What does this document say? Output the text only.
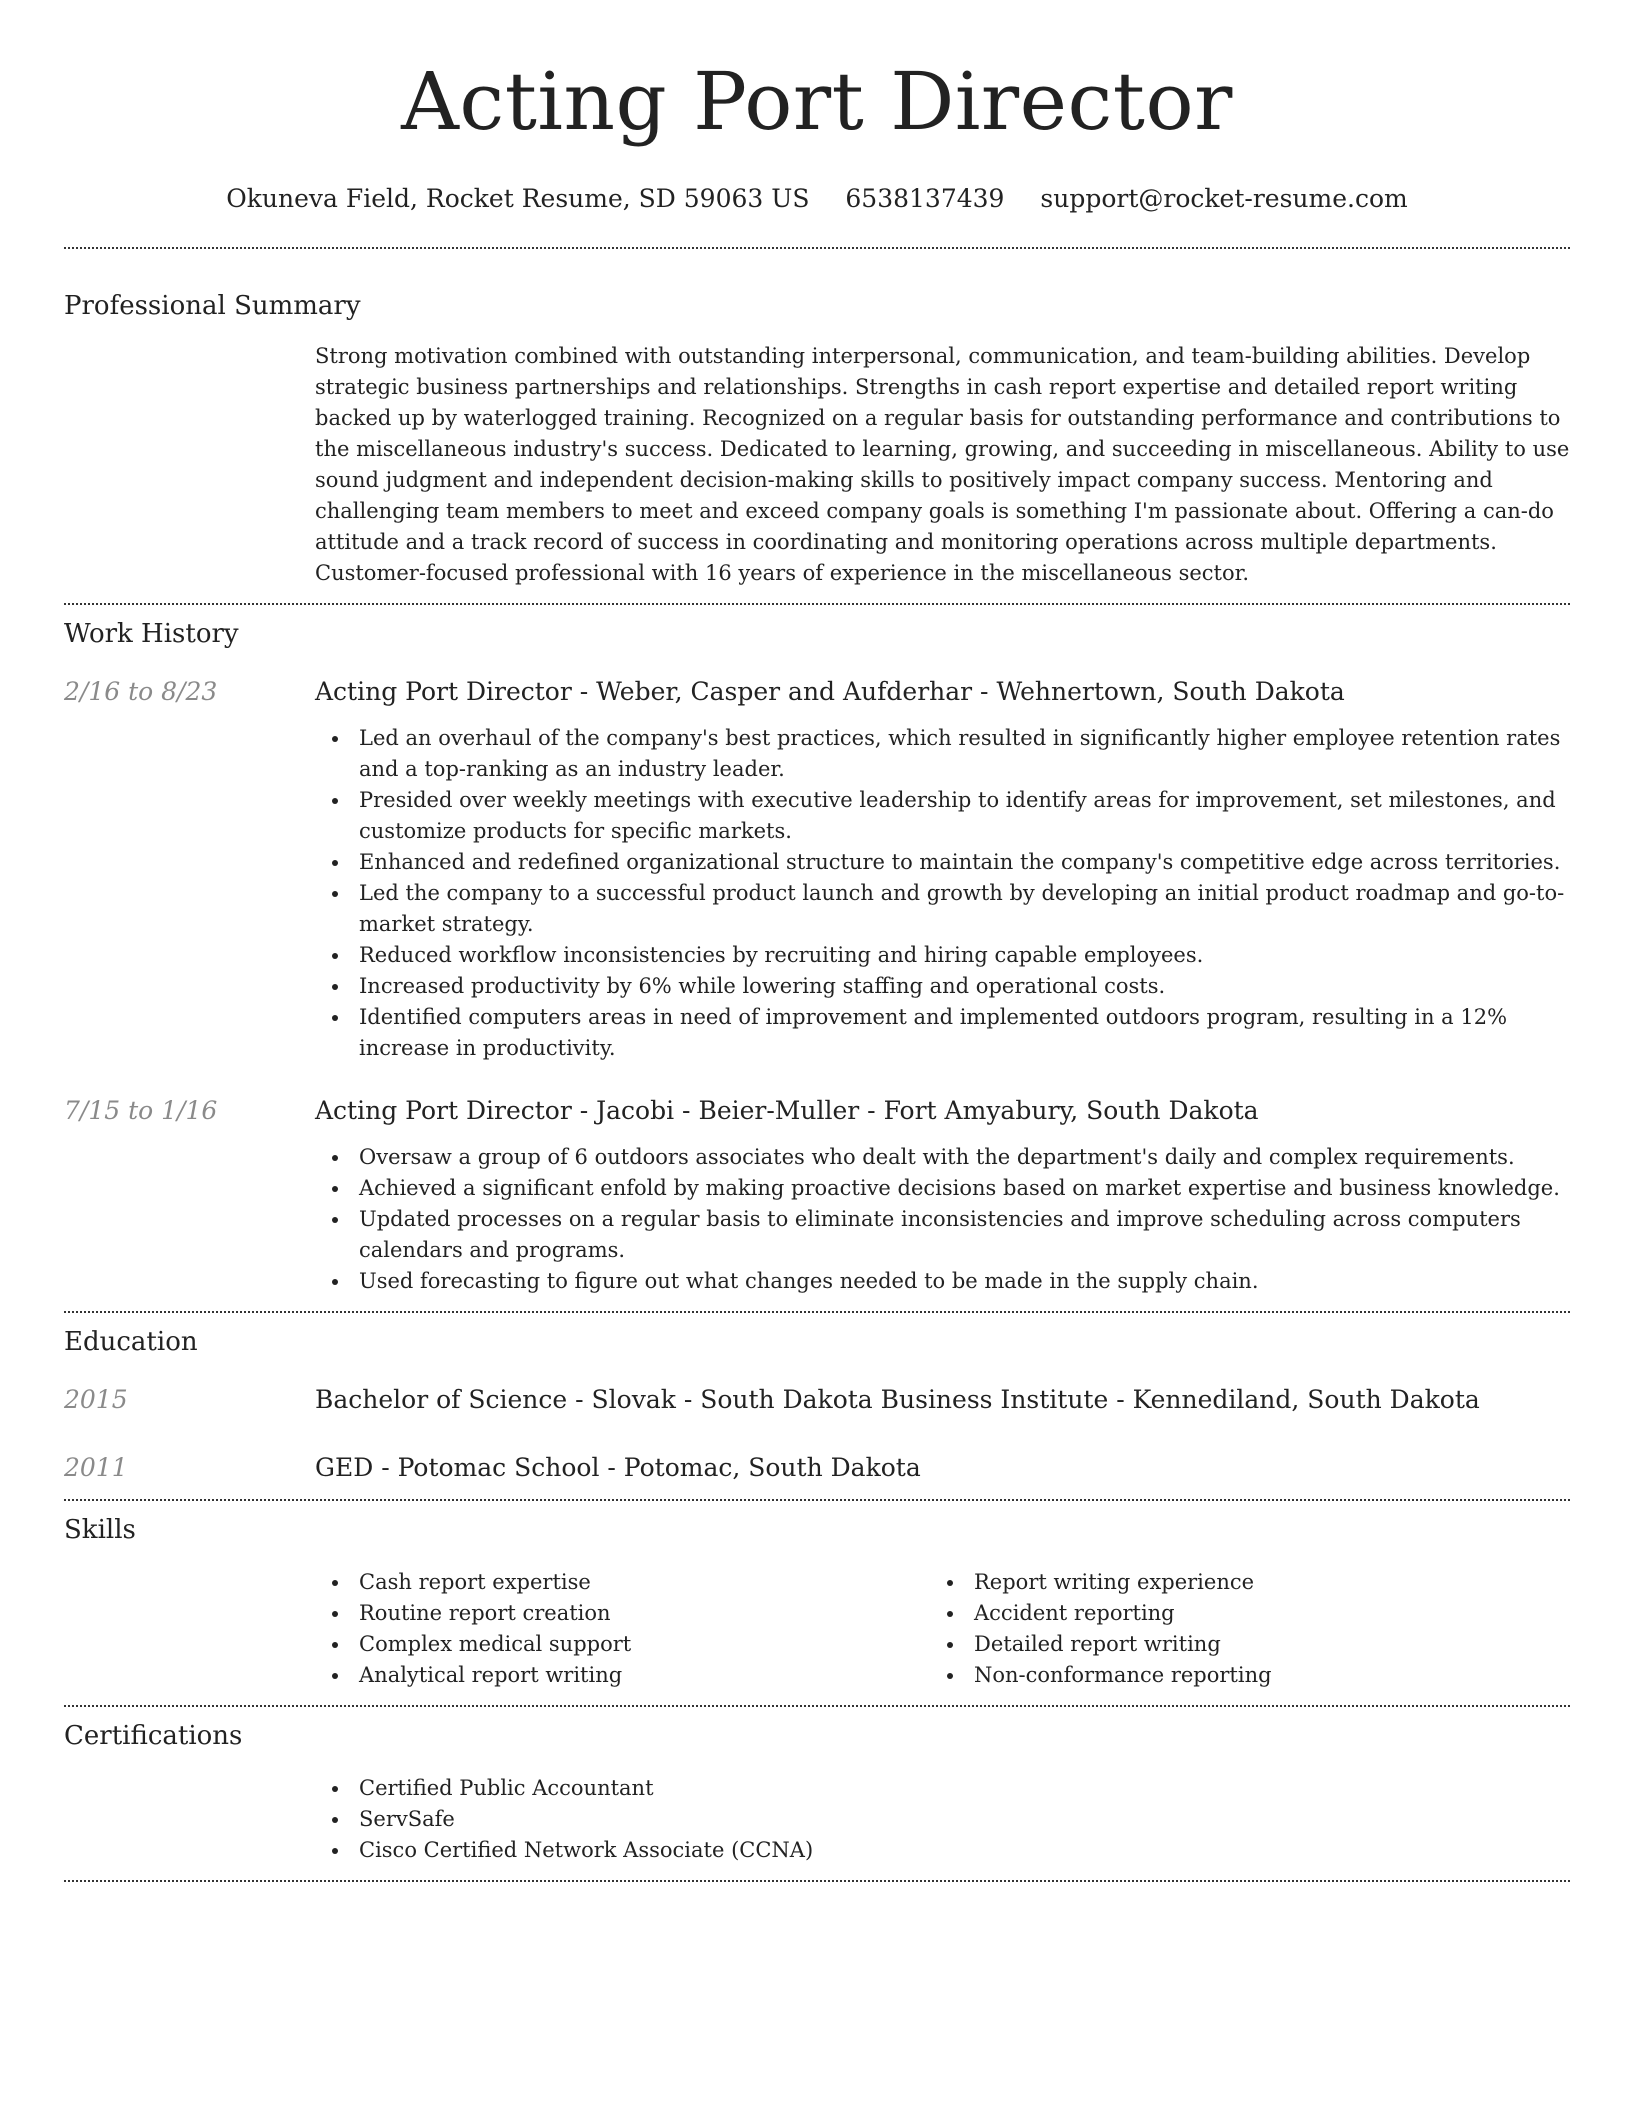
Acting Port Director
Okuneva Field, Rocket Resume, SD 59063 US 6538137439 support@rocket-resume.com
Professional Summary
Strong motivation combined with outstanding interpersonal, communication, and team-building abilities. Develop strategic business partnerships and relationships. Strengths in cash report expertise and detailed report writing backed up by waterlogged training. Recognized on a regular basis for outstanding performance and contributions to the miscellaneous industry's success. Dedicated to learning, growing, and succeeding in miscellaneous. Ability to use sound judgment and independent decision-making skills to positively impact company success. Mentoring and challenging team members to meet and exceed company goals is something I'm passionate about. Offering a can-do attitude and a track record of success in coordinating and monitoring operations across multiple departments. Customer-focused professional with 16 years of experience in the miscellaneous sector.
Work History
2/16 to 8/23	Acting Port Director - Weber, Casper and Aufderhar - Wehnertown, South Dakota
Led an overhaul of the company's best practices, which resulted in significantly higher employee retention rates and a top-ranking as an industry leader.
Presided over weekly meetings with executive leadership to identify areas for improvement, set milestones, and customize products for specific markets.
Enhanced and redefined organizational structure to maintain the company's competitive edge across territories.
Led the company to a successful product launch and growth by developing an initial product roadmap and go-to-market strategy.
Reduced workflow inconsistencies by recruiting and hiring capable employees.
Increased productivity by 6% while lowering staffing and operational costs.
Identified computers areas in need of improvement and implemented outdoors program, resulting in a 12% increase in productivity.
7/15 to 1/16	Acting Port Director - Jacobi - Beier-Muller - Fort Amyabury, South Dakota
Oversaw a group of 6 outdoors associates who dealt with the department's daily and complex requirements.
Achieved a significant enfold by making proactive decisions based on market expertise and business knowledge.
Updated processes on a regular basis to eliminate inconsistencies and improve scheduling across computers calendars and programs.
Used forecasting to figure out what changes needed to be made in the supply chain.
Education
2015	Bachelor of Science - Slovak - South Dakota Business Institute - Kennediland, South Dakota
2011	GED - Potomac School - Potomac, South Dakota
Skills
Cash report expertise
Routine report creation
Complex medical support
Analytical report writing
Report writing experience
Accident reporting
Detailed report writing
Non-conformance reporting
Certifications
Certified Public Accountant
ServSafe
Cisco Certified Network Associate (CCNA)
